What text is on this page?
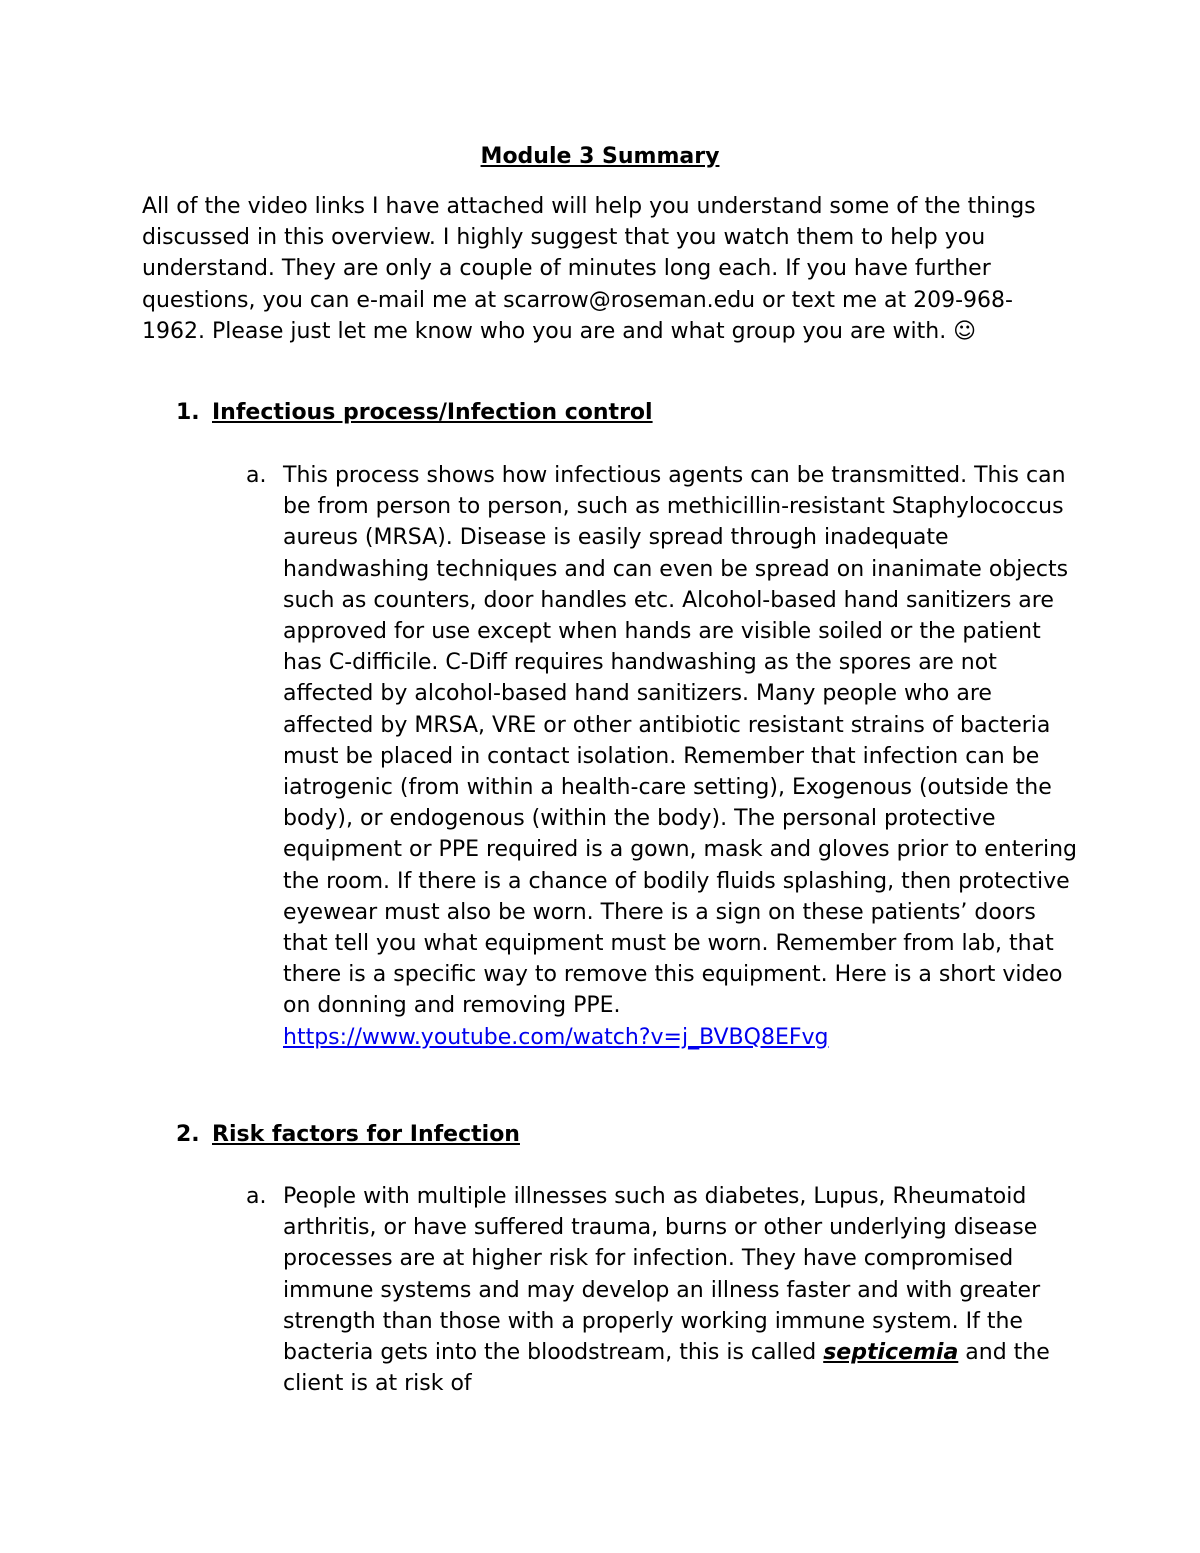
Module 3 Summary

All of the video links I have attached will help you understand some of the things discussed in this overview. I highly suggest that you watch them to help you understand. They are only a couple of minutes long each. If you have further questions, you can e-mail me at scarrow@roseman.edu or text me at 209-968-1962. Please just let me know who you are and what group you are with. ☺

1. Infectious process/Infection control
a. This process shows how infectious agents can be transmitted. This can be from person to person, such as methicillin-resistant Staphylococcus aureus (MRSA). Disease is easily spread through inadequate handwashing techniques and can even be spread on inanimate objects such as counters, door handles etc. Alcohol-based hand sanitizers are approved for use except when hands are visible soiled or the patient has C-difficile. C-Diff requires handwashing as the spores are not affected by alcohol-based hand sanitizers. Many people who are affected by MRSA, VRE or other antibiotic resistant strains of bacteria must be placed in contact isolation. Remember that infection can be iatrogenic (from within a health-care setting), Exogenous (outside the body), or endogenous (within the body). The personal protective equipment or PPE required is a gown, mask and gloves prior to entering the room. If there is a chance of bodily fluids splashing, then protective eyewear must also be worn. There is a sign on these patients’ doors that tell you what equipment must be worn. Remember from lab, that there is a specific way to remove this equipment. Here is a short video on donning and removing PPE.
https://www.youtube.com/watch?v=j_BVBQ8EFvg
2. Risk factors for Infection
a. People with multiple illnesses such as diabetes, Lupus, Rheumatoid arthritis, or have suffered trauma, burns or other underlying disease processes are at higher risk for infection. They have compromised immune systems and may develop an illness faster and with greater strength than those with a properly working immune system. If the bacteria gets into the bloodstream, this is called septicemia and the client is at risk of
